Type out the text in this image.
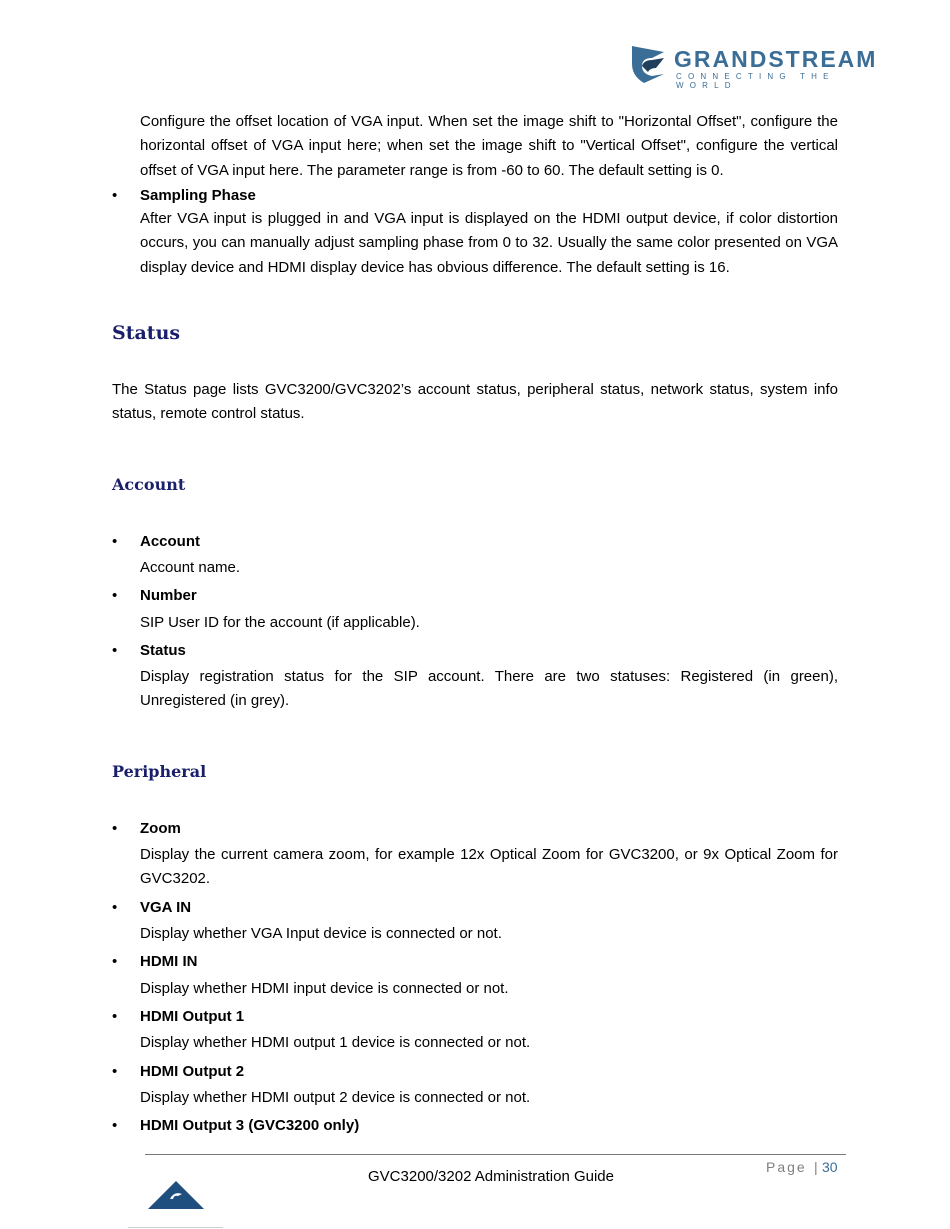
GRANDSTREAM
CONNECTING THE WORLD
Configure the offset location of VGA input. When set the image shift to "Horizontal Offset", configure the horizontal offset of VGA input here; when set the image shift to "Vertical Offset", configure the vertical offset of VGA input here. The parameter range is from -60 to 60. The default setting is 0.
• Sampling Phase
After VGA input is plugged in and VGA input is displayed on the HDMI output device, if color distortion occurs, you can manually adjust sampling phase from 0 to 32. Usually the same color presented on VGA display device and HDMI display device has obvious difference. The default setting is 16.
Status
The Status page lists GVC3200/GVC3202’s account status, peripheral status, network status, system info status, remote control status.
Account
• Account
Account name.
• Number
SIP User ID for the account (if applicable).
• Status
Display registration status for the SIP account. There are two statuses: Registered (in green), Unregistered (in grey).
Peripheral
• Zoom
Display the current camera zoom, for example 12x Optical Zoom for GVC3200, or 9x Optical Zoom for GVC3202.
• VGA IN
Display whether VGA Input device is connected or not.
• HDMI IN
Display whether HDMI input device is connected or not.
• HDMI Output 1
Display whether HDMI output 1 device is connected or not.
• HDMI Output 2
Display whether HDMI output 2 device is connected or not.
• HDMI Output 3 (GVC3200 only)
Page | 30
GVC3200/3202 Administration Guide
